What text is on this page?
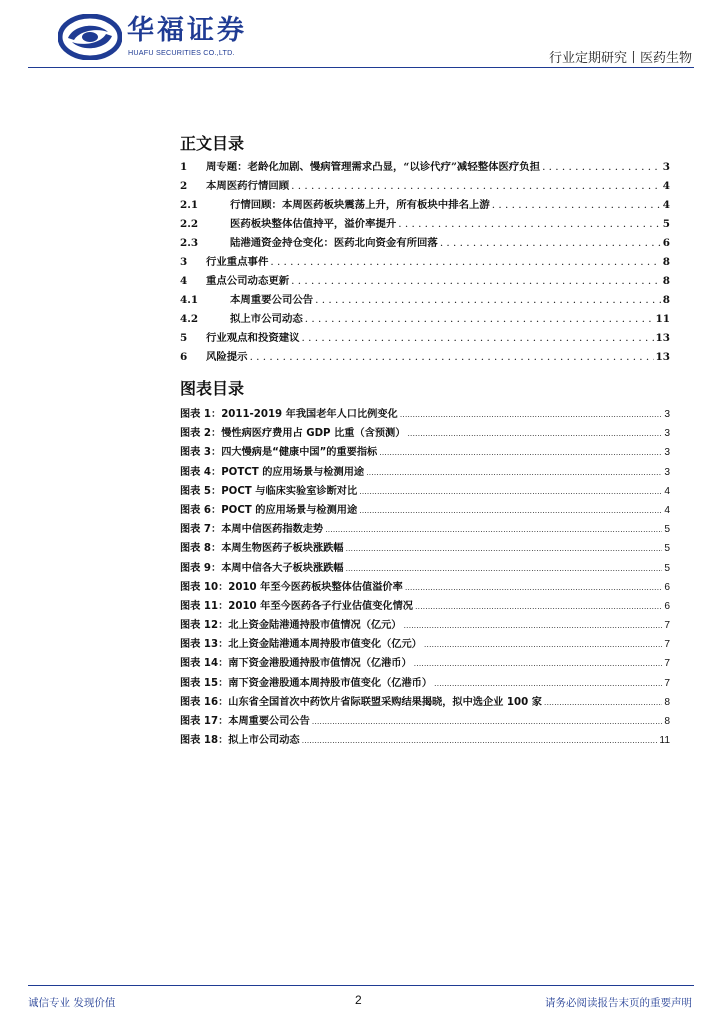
华福证券
HUAFU SECURITIES CO.,LTD.	行业定期研究丨医药生物
正文目录
1	周专题：老龄化加剧、慢病管理需求凸显，“以诊代疗”减轻整体医疗负担 . . .	3
2	本周医药行情回顾 . . .	4
2.1	行情回顾：本周医药板块震荡上升，所有板块中排名上游 . . .	4
2.2	医药板块整体估值持平，溢价率提升 . . .	5
2.3	陆港通资金持仓变化：医药北向资金有所回落 . . .	6
3	行业重点事件 . . .	8
4	重点公司动态更新 . . .	8
4.1	本周重要公司公告 . . .	8
4.2	拟上市公司动态 . . .	11
5	行业观点和投资建议 . . .	13
6	风险提示 . . .	13
图表目录
图表 1：2011-2019 年我国老年人口比例变化 .....	3
图表 2：慢性病医疗费用占 GDP 比重（含预测） .....	3
图表 3：四大慢病是“健康中国”的重要指标 .....	3
图表 4：POTCT 的应用场景与检测用途 .....	3
图表 5：POCT 与临床实验室诊断对比 .....	4
图表 6：POCT 的应用场景与检测用途 .....	4
图表 7：本周中信医药指数走势 .....	5
图表 8：本周生物医药子板块涨跌幅 .....	5
图表 9：本周中信各大子板块涨跌幅 .....	5
图表 10：2010 年至今医药板块整体估值溢价率 .....	6
图表 11：2010 年至今医药各子行业估值变化情况 .....	6
图表 12：北上资金陆港通持股市值情况（亿元） .....	7
图表 13：北上资金陆港通本周持股市值变化（亿元） .....	7
图表 14：南下资金港股通持股市值情况（亿港币） .....	7
图表 15：南下资金港股通本周持股市值变化（亿港币） .....	7
图表 16：山东省全国首次中药饮片省际联盟采购结果揭晓，拟中选企业 100 家 .....	8
图表 17：本周重要公司公告 .....	8
图表 18：拟上市公司动态 .....	11
诚信专业 发现价值	2	请务必阅读报告末页的重要声明
